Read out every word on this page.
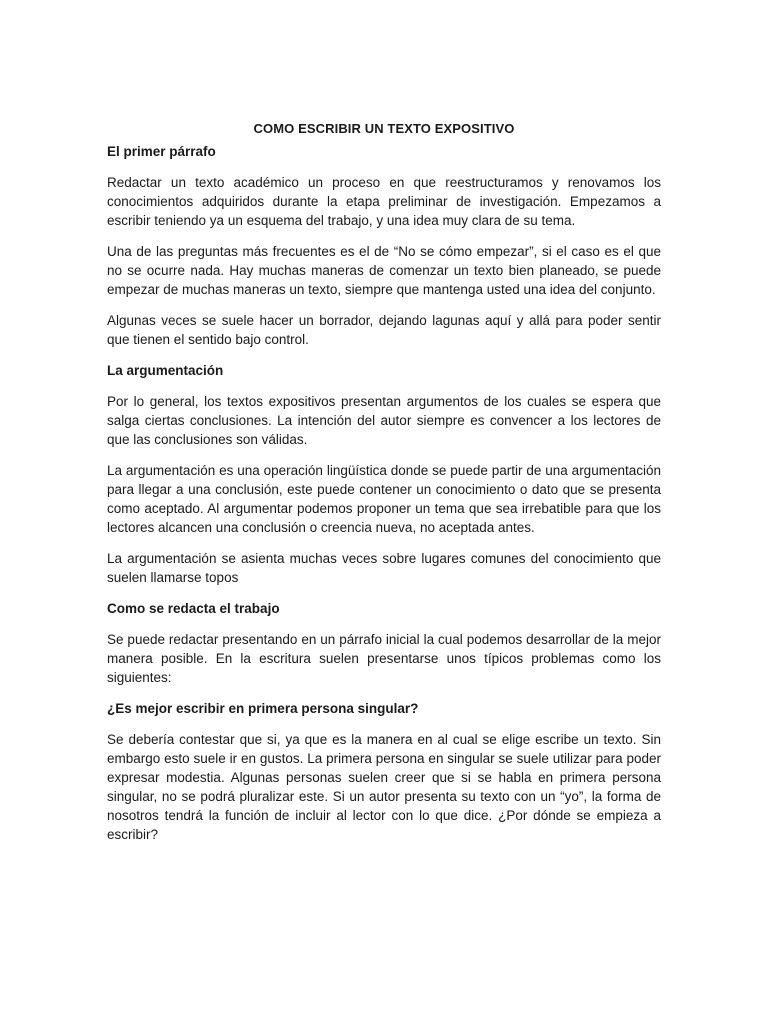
COMO ESCRIBIR UN TEXTO EXPOSITIVO
El primer párrafo

Redactar un texto académico un proceso en que reestructuramos y renovamos los conocimientos adquiridos durante la etapa preliminar de investigación. Empezamos a escribir teniendo ya un esquema del trabajo, y una idea muy clara de su tema.

Una de las preguntas más frecuentes es el de “No se cómo empezar”, si el caso es el que no se ocurre nada. Hay muchas maneras de comenzar un texto bien planeado, se puede empezar de muchas maneras un texto, siempre que mantenga usted una idea del conjunto.

Algunas veces se suele hacer un borrador, dejando lagunas aquí y allá para poder sentir que tienen el sentido bajo control.

La argumentación

Por lo general, los textos expositivos presentan argumentos de los cuales se espera que salga ciertas conclusiones. La intención del autor siempre es convencer a los lectores de que las conclusiones son válidas.

La argumentación es una operación lingüística donde se puede partir de una argumentación para llegar a una conclusión, este puede contener un conocimiento o dato que se presenta como aceptado. Al argumentar podemos proponer un tema que sea irrebatible para que los lectores alcancen una conclusión o creencia nueva, no aceptada antes.

La argumentación se asienta muchas veces sobre lugares comunes del conocimiento que suelen llamarse topos

Como se redacta el trabajo

Se puede redactar presentando en un párrafo inicial la cual podemos desarrollar de la mejor manera posible. En la escritura suelen presentarse unos típicos problemas como los siguientes:

¿Es mejor escribir en primera persona singular?

Se debería contestar que si, ya que es la manera en al cual se elige escribe un texto. Sin embargo esto suele ir en gustos. La primera persona en singular se suele utilizar para poder expresar modestia. Algunas personas suelen creer que si se habla en primera persona singular, no se podrá pluralizar este. Si un autor presenta su texto con un “yo”, la forma de nosotros tendrá la función de incluir al lector con lo que dice. ¿Por dónde se empieza a escribir?
